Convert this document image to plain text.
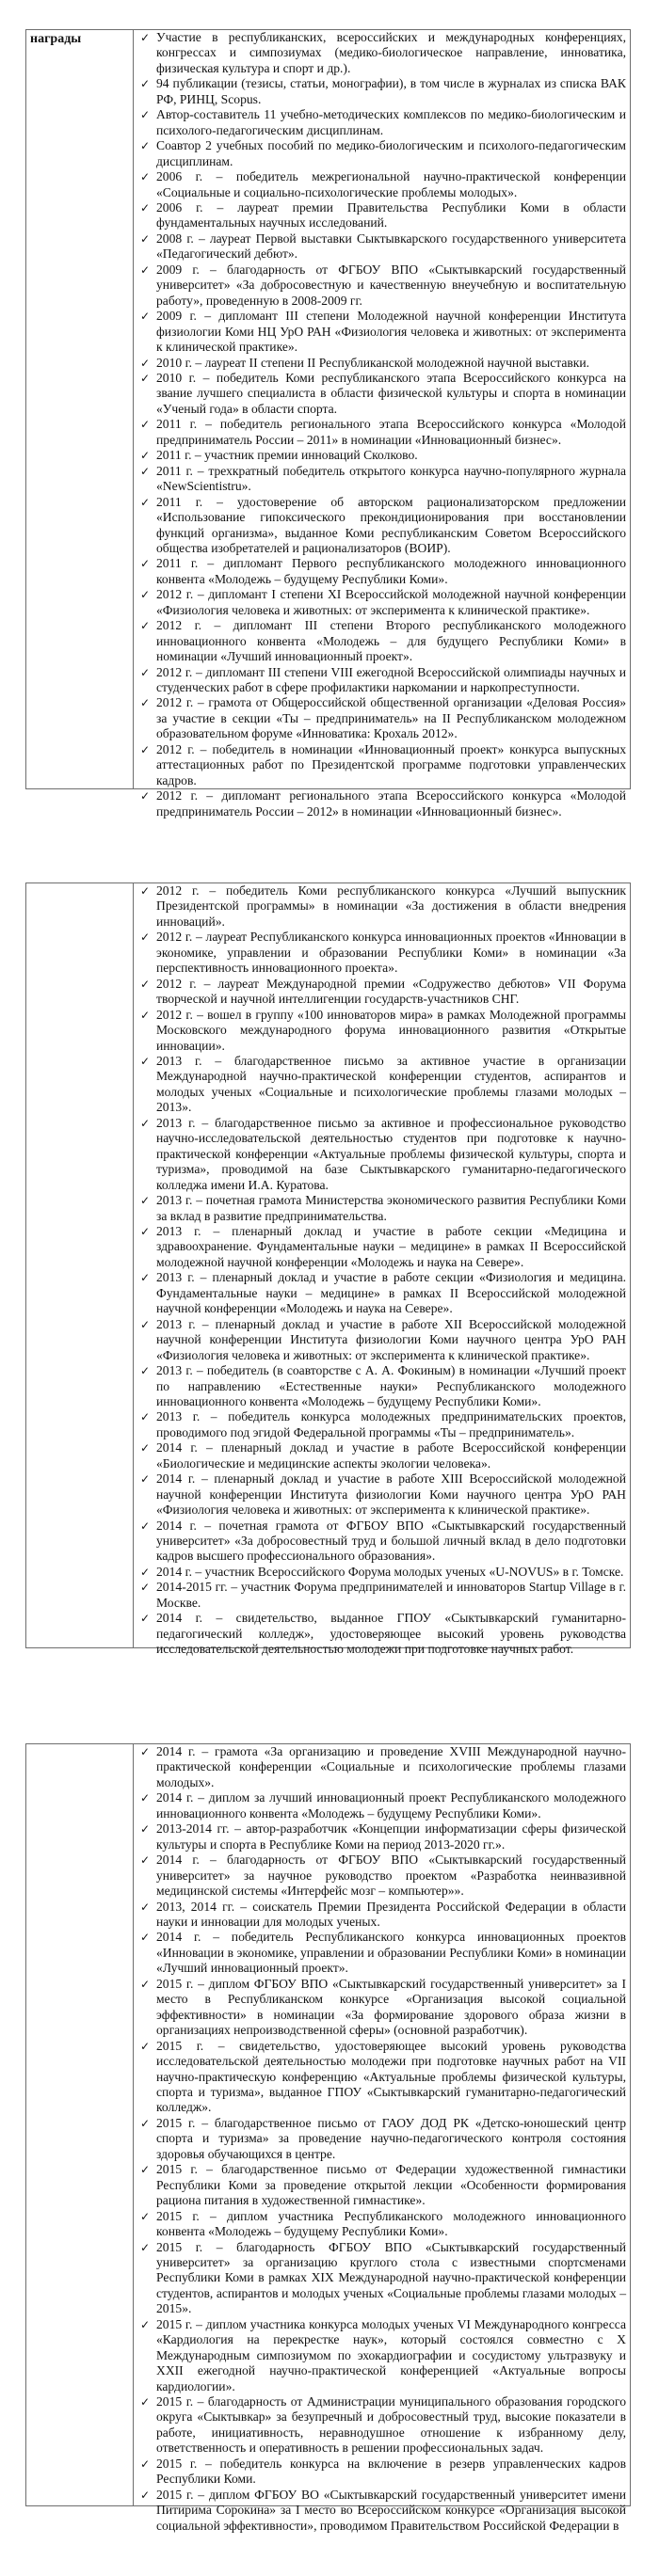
награды	✓ Участие в республиканских, всероссийских и международных конференциях, конгрессах и симпозиумах (медико-биологическое направление, инноватика, физическая культура и спорт и др.).
✓ 94 публикации (тезисы, статьи, монографии), в том числе в журналах из списка ВАК РФ, РИНЦ, Scopus.
✓ Автор-составитель 11 учебно-методических комплексов по медико-биологическим и психолого-педагогическим дисциплинам.
✓ Соавтор 2 учебных пособий по медико-биологическим и психолого-педагогическим дисциплинам.
✓ 2006 г. – победитель межрегиональной научно-практической конференции «Социальные и социально-психологические проблемы молодых».
✓ 2006 г. – лауреат премии Правительства Республики Коми в области фундаментальных научных исследований.
✓ 2008 г. – лауреат Первой выставки Сыктывкарского государственного университета «Педагогический дебют».
✓ 2009 г. – благодарность от ФГБОУ ВПО «Сыктывкарский государственный университет» «За добросовестную и качественную внеучебную и воспитательную работу», проведенную в 2008-2009 гг.
✓ 2009 г. – дипломант III степени Молодежной научной конференции Института физиологии Коми НЦ УрО РАН «Физиология человека и животных: от эксперимента к клинической практике».
✓ 2010 г. – лауреат II степени II Республиканской молодежной научной выставки.
✓ 2010 г. – победитель Коми республиканского этапа Всероссийского конкурса на звание лучшего специалиста в области физической культуры и спорта в номинации «Ученый года» в области спорта.
✓ 2011 г. – победитель регионального этапа Всероссийского конкурса «Молодой предприниматель России – 2011» в номинации «Инновационный бизнес».
✓ 2011 г. – участник премии инноваций Сколково.
✓ 2011 г. – трехкратный победитель открытого конкурса научно-популярного журнала «NewScientistru».
✓ 2011 г. – удостоверение об авторском рационализаторском предложении «Использование гипоксического прекондиционирования при восстановлении функций организма», выданное Коми республиканским Советом Всероссийского общества изобретателей и рационализаторов (ВОИР).
✓ 2011 г. – дипломант Первого республиканского молодежного инновационного конвента «Молодежь – будущему Республики Коми».
✓ 2012 г. – дипломант I степени XI Всероссийской молодежной научной конференции «Физиология человека и животных: от эксперимента к клинической практике».
✓ 2012 г. – дипломант III степени Второго республиканского молодежного инновационного конвента «Молодежь – для будущего Республики Коми» в номинации «Лучший инновационный проект».
✓ 2012 г. – дипломант III степени VIII ежегодной Всероссийской олимпиады научных и студенческих работ в сфере профилактики наркомании и наркопреступности.
✓ 2012 г. – грамота от Общероссийской общественной организации «Деловая Россия» за участие в секции «Ты – предприниматель» на II Республиканском молодежном образовательном форуме «Инноватика: Крохаль 2012».
✓ 2012 г. – победитель в номинации «Инновационный проект» конкурса выпускных аттестационных работ по Президентской программе подготовки управленческих кадров.
✓ 2012 г. – дипломант регионального этапа Всероссийского конкурса «Молодой предприниматель России – 2012» в номинации «Инновационный бизнес».
✓ 2012 г. – победитель Коми республиканского конкурса «Лучший выпускник Президентской программы» в номинации «За достижения в области внедрения инноваций».
✓ 2012 г. – лауреат Республиканского конкурса инновационных проектов «Инновации в экономике, управлении и образовании Республики Коми» в номинации «За перспективность инновационного проекта».
✓ 2012 г. – лауреат Международной премии «Содружество дебютов» VII Форума творческой и научной интеллигенции государств-участников СНГ.
✓ 2012 г. – вошел в группу «100 инноваторов мира» в рамках Молодежной программы Московского международного форума инновационного развития «Открытые инновации».
✓ 2013 г. – благодарственное письмо за активное участие в организации Международной научно-практической конференции студентов, аспирантов и молодых ученых «Социальные и психологические проблемы глазами молодых – 2013».
✓ 2013 г. – благодарственное письмо за активное и профессиональное руководство научно-исследовательской деятельностью студентов при подготовке к научно-практической конференции «Актуальные проблемы физической культуры, спорта и туризма», проводимой на базе Сыктывкарского гуманитарно-педагогического колледжа имени И.А. Куратова.
✓ 2013 г. – почетная грамота Министерства экономического развития Республики Коми за вклад в развитие предпринимательства.
✓ 2013 г. – пленарный доклад и участие в работе секции «Медицина и здравоохранение. Фундаментальные науки – медицине» в рамках II Всероссийской молодежной научной конференции «Молодежь и наука на Севере».
✓ 2013 г. – пленарный доклад и участие в работе секции «Физиология и медицина. Фундаментальные науки – медицине» в рамках II Всероссийской молодежной научной конференции «Молодежь и наука на Севере».
✓ 2013 г. – пленарный доклад и участие в работе XII Всероссийской молодежной научной конференции Института физиологии Коми научного центра УрО РАН «Физиология человека и животных: от эксперимента к клинической практике».
✓ 2013 г. – победитель (в соавторстве с А. А. Фокиным) в номинации «Лучший проект по направлению «Естественные науки» Республиканского молодежного инновационного конвента «Молодежь – будущему Республики Коми».
✓ 2013 г. – победитель конкурса молодежных предпринимательских проектов, проводимого под эгидой Федеральной программы «Ты – предприниматель».
✓ 2014 г. – пленарный доклад и участие в работе Всероссийской конференции «Биологические и медицинские аспекты экологии человека».
✓ 2014 г. – пленарный доклад и участие в работе XIII Всероссийской молодежной научной конференции Института физиологии Коми научного центра УрО РАН «Физиология человека и животных: от эксперимента к клинической практике».
✓ 2014 г. – почетная грамота от ФГБОУ ВПО «Сыктывкарский государственный университет» «За добросовестный труд и большой личный вклад в дело подготовки кадров высшего профессионального образования».
✓ 2014 г. – участник Всероссийского Форума молодых ученых «U-NOVUS» в г. Томске.
✓ 2014-2015 гг. – участник Форума предпринимателей и инноваторов Startup Village в г. Москве.
✓ 2014 г. – свидетельство, выданное ГПОУ «Сыктывкарский гуманитарно-педагогический колледж», удостоверяющее высокий уровень руководства исследовательской деятельностью молодежи при подготовке научных работ.
✓ 2014 г. – грамота «За организацию и проведение XVIII Международной научно-практической конференции «Социальные и психологические проблемы глазами молодых».
✓ 2014 г. – диплом за лучший инновационный проект Республиканского молодежного инновационного конвента «Молодежь – будущему Республики Коми».
✓ 2013-2014 гг. – автор-разработчик «Концепции информатизации сферы физической культуры и спорта в Республике Коми на период 2013-2020 гг.».
✓ 2014 г. – благодарность от ФГБОУ ВПО «Сыктывкарский государственный университет» за научное руководство проектом «Разработка неинвазивной медицинской системы «Интерфейс мозг – компьютер»».
✓ 2013, 2014 гг. – соискатель Премии Президента Российской Федерации в области науки и инновации для молодых ученых.
✓ 2014 г. – победитель Республиканского конкурса инновационных проектов «Инновации в экономике, управлении и образовании Республики Коми» в номинации «Лучший инновационный проект».
✓ 2015 г. – диплом ФГБОУ ВПО «Сыктывкарский государственный университет» за I место в Республиканском конкурсе «Организация высокой социальной эффективности» в номинации «За формирование здорового образа жизни в организациях непроизводственной сферы» (основной разработчик).
✓ 2015 г. – свидетельство, удостоверяющее высокий уровень руководства исследовательской деятельностью молодежи при подготовке научных работ на VII научно-практическую конференцию «Актуальные проблемы физической культуры, спорта и туризма», выданное ГПОУ «Сыктывкарский гуманитарно-педагогический колледж».
✓ 2015 г. – благодарственное письмо от ГАОУ ДОД РК «Детско-юношеский центр спорта и туризма» за проведение научно-педагогического контроля состояния здоровья обучающихся в центре.
✓ 2015 г. – благодарственное письмо от Федерации художественной гимнастики Республики Коми за проведение открытой лекции «Особенности формирования рациона питания в художественной гимнастике».
✓ 2015 г. – диплом участника Республиканского молодежного инновационного конвента «Молодежь – будущему Республики Коми».
✓ 2015 г. – благодарность ФГБОУ ВПО «Сыктывкарский государственный университет» за организацию круглого стола с известными спортсменами Республики Коми в рамках XIX Международной научно-практической конференции студентов, аспирантов и молодых ученых «Социальные проблемы глазами молодых – 2015».
✓ 2015 г. – диплом участника конкурса молодых ученых VI Международного конгресса «Кардиология на перекрестке наук», который состоялся совместно с X Международным симпозиумом по эхокардиографии и сосудистому ультразвуку и XXII ежегодной научно-практической конференцией «Актуальные вопросы кардиологии».
✓ 2015 г. – благодарность от Администрации муниципального образования городского округа «Сыктывкар» за безупречный и добросовестный труд, высокие показатели в работе, инициативность, неравнодушное отношение к избранному делу, ответственность и оперативность в решении профессиональных задач.
✓ 2015 г. – победитель конкурса на включение в резерв управленческих кадров Республики Коми.
✓ 2015 г. – диплом ФГБОУ ВО «Сыктывкарский государственный университет имени Питирима Сорокина» за I место во Всероссийском конкурсе «Организация высокой социальной эффективности», проводимом Правительством Российской Федерации в
